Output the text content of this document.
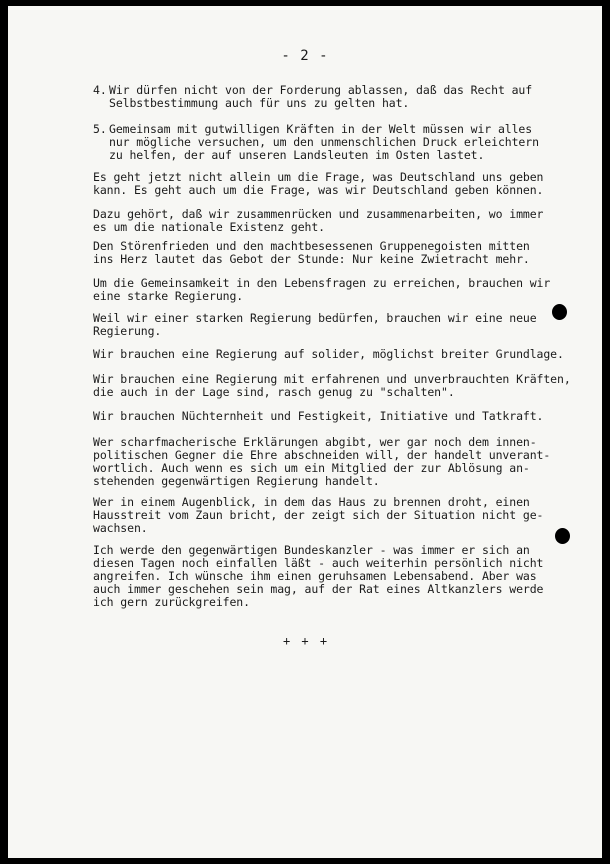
- 2 -
4. Wir dürfen nicht von der Forderung ablassen, daß das Recht auf
Selbstbestimmung auch für uns zu gelten hat.
5. Gemeinsam mit gutwilligen Kräften in der Welt müssen wir alles
nur mögliche versuchen, um den unmenschlichen Druck erleichtern
zu helfen, der auf unseren Landsleuten im Osten lastet.
Es geht jetzt nicht allein um die Frage, was Deutschland uns geben
kann. Es geht auch um die Frage, was wir Deutschland geben können.
Dazu gehört, daß wir zusammenrücken und zusammenarbeiten, wo immer
es um die nationale Existenz geht.
Den Störenfrieden und den machtbesessenen Gruppenegoisten mitten
ins Herz lautet das Gebot der Stunde: Nur keine Zwietracht mehr.
Um die Gemeinsamkeit in den Lebensfragen zu erreichen, brauchen wir
eine starke Regierung.
Weil wir einer starken Regierung bedürfen, brauchen wir eine neue
Regierung.
Wir brauchen eine Regierung auf solider, möglichst breiter Grundlage.
Wir brauchen eine Regierung mit erfahrenen und unverbrauchten Kräften,
die auch in der Lage sind, rasch genug zu "schalten".
Wir brauchen Nüchternheit und Festigkeit, Initiative und Tatkraft.
Wer scharfmacherische Erklärungen abgibt, wer gar noch dem innen-
politischen Gegner die Ehre abschneiden will, der handelt unverant-
wortlich. Auch wenn es sich um ein Mitglied der zur Ablösung an-
stehenden gegenwärtigen Regierung handelt.
Wer in einem Augenblick, in dem das Haus zu brennen droht, einen
Hausstreit vom Zaun bricht, der zeigt sich der Situation nicht ge-
wachsen.
Ich werde den gegenwärtigen Bundeskanzler - was immer er sich an
diesen Tagen noch einfallen läßt - auch weiterhin persönlich nicht
angreifen. Ich wünsche ihm einen geruhsamen Lebensabend. Aber was
auch immer geschehen sein mag, auf der Rat eines Altkanzlers werde
ich gern zurückgreifen.
+ + +
